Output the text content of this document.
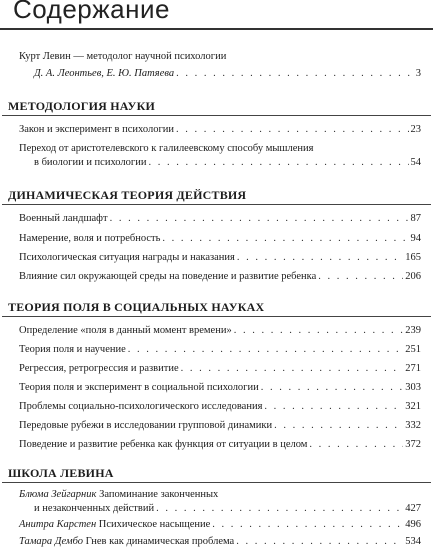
Содержание
Курт Левин — методолог научной психологии
Д. А. Леонтьев, Е. Ю. Патяева . . .	3
МЕТОДОЛОГИЯ НАУКИ
Закон и эксперимент в психологии . . .	23
Переход от аристотелевского к галилеевскому способу мышления
в биологии и психологии . . .	54
ДИНАМИЧЕСКАЯ ТЕОРИЯ ДЕЙСТВИЯ
Военный ландшафт . . .	87
Намерение, воля и потребность . . .	94
Психологическая ситуация награды и наказания . . .	165
Влияние сил окружающей среды на поведение и развитие ребенка . . .	206
ТЕОРИЯ ПОЛЯ В СОЦИАЛЬНЫХ НАУКАХ
Определение «поля в данный момент времени» . . .	239
Теория поля и научение . . .	251
Регрессия, ретрогрессия и развитие . . .	271
Теория поля и эксперимент в социальной психологии . . .	303
Проблемы социально-психологического исследования . . .	321
Передовые рубежи в исследовании групповой динамики . . .	332
Поведение и развитие ребенка как функция от ситуации в целом . . .	372
ШКОЛА ЛЕВИНА
Блюма Зейгарник Запоминание законченных
и незаконченных действий . . .	427
Анитра Карстен Психическое насыщение . . .	496
Тамара Дембо Гнев как динамическая проблема . . .	534
